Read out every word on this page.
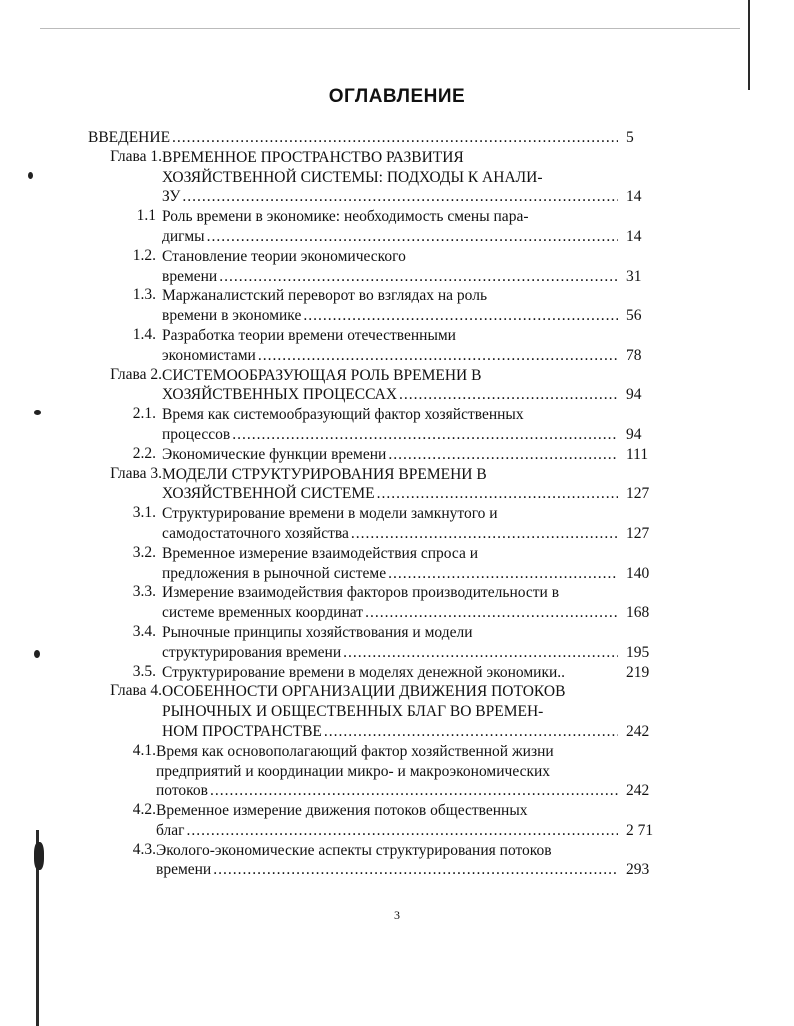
ОГЛАВЛЕНИЕ
ВВЕДЕНИЕ .....	5
Глава 1. ВРЕМЕННОЕ ПРОСТРАНСТВО РАЗВИТИЯ
ХОЗЯЙСТВЕННОЙ СИСТЕМЫ: ПОДХОДЫ К АНАЛИ-
ЗУ .....	14
1.1 Роль времени в экономике: необходимость смены пара-
дигмы .....	14
1.2. Становление теории экономического
времени .....	31
1.3. Маржаналистский переворот во взглядах на роль
времени в экономике .....	56
1.4. Разработка теории времени отечественными
экономистами .....	78
Глава 2. СИСТЕМООБРАЗУЮЩАЯ РОЛЬ ВРЕМЕНИ В
ХОЗЯЙСТВЕННЫХ ПРОЦЕССАХ .....	94
2.1. Время как системообразующий фактор хозяйственных
процессов .....	94
2.2. Экономические функции времени .....	111
Глава 3. МОДЕЛИ СТРУКТУРИРОВАНИЯ ВРЕМЕНИ В
ХОЗЯЙСТВЕННОЙ СИСТЕМЕ .....	127
3.1. Структурирование времени в модели замкнутого и
самодостаточного хозяйства .....	127
3.2. Временное измерение взаимодействия спроса и
предложения в рыночной системе .....	140
3.3. Измерение взаимодействия факторов производительности в
системе временных координат .....	168
3.4. Рыночные принципы хозяйствования и модели
структурирования времени .....	195
3.5. Структурирование времени в моделях денежной экономики..	219
Глава 4. ОСОБЕННОСТИ ОРГАНИЗАЦИИ ДВИЖЕНИЯ ПОТОКОВ
РЫНОЧНЫХ И ОБЩЕСТВЕННЫХ БЛАГ ВО ВРЕМЕН-
НОМ ПРОСТРАНСТВЕ .....	242
4.1. Время как основополагающий фактор хозяйственной жизни
предприятий и координации микро- и макроэкономических
потоков .....	242
4.2. Временное измерение движения потоков общественных
благ .....	2 71
4.3. Эколого-экономические аспекты структурирования потоков
времени .....	293
3
